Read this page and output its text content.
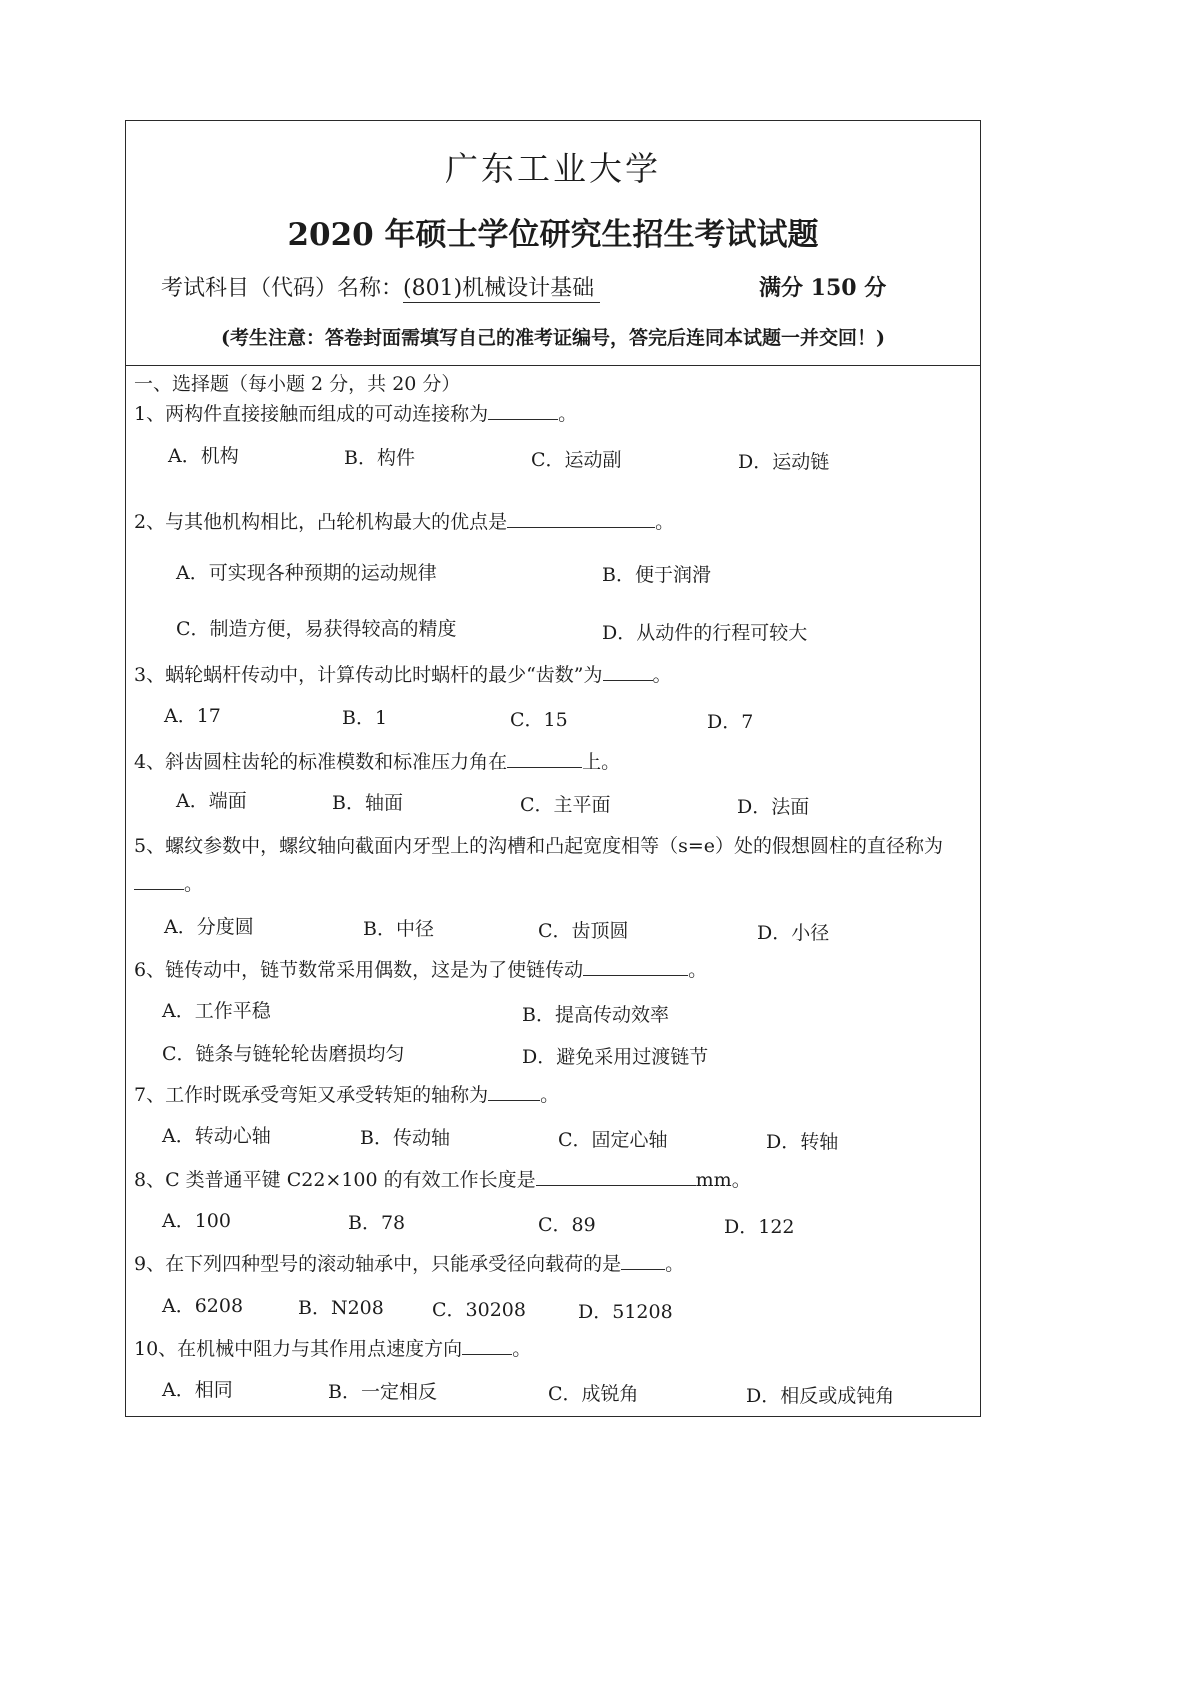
广东工业大学
2020 年硕士学位研究生招生考试试题
考试科目（代码）名称：(801)机械设计基础	满分 150 分
(考生注意：答卷封面需填写自己的准考证编号，答完后连同本试题一并交回！)
一、选择题（每小题 2 分，共 20 分）
1、两构件直接接触而组成的可动连接称为	。
A．机构	B．构件	C．运动副	D．运动链
2、与其他机构相比，凸轮机构最大的优点是	。
A．可实现各种预期的运动规律	B．便于润滑
C．制造方便，易获得较高的精度	D．从动件的行程可较大
3、蜗轮蜗杆传动中，计算传动比时蜗杆的最少“齿数”为	。
A．17	B．1	C．15	D．7
4、斜齿圆柱齿轮的标准模数和标准压力角在	上。
A．端面	B．轴面	C．主平面	D．法面
5、螺纹参数中，螺纹轴向截面内牙型上的沟槽和凸起宽度相等（s=e）处的假想圆柱的直径称为。
A．分度圆	B．中径	C．齿顶圆	D．小径
6、链传动中，链节数常采用偶数，这是为了使链传动	。
A．工作平稳	B．提高传动效率
C．链条与链轮轮齿磨损均匀	D．避免采用过渡链节
7、工作时既承受弯矩又承受转矩的轴称为	。
A．转动心轴	B．传动轴	C．固定心轴	D．转轴
8、C 类普通平键 C22×100 的有效工作长度是	mm。
A．100	B．78	C．89	D．122
9、在下列四种型号的滚动轴承中，只能承受径向载荷的是 。
A．6208	B．N208	C．30208	D．51208
10、在机械中阻力与其作用点速度方向	。
A．相同	B．一定相反	C．成锐角	D．相反或成钝角
